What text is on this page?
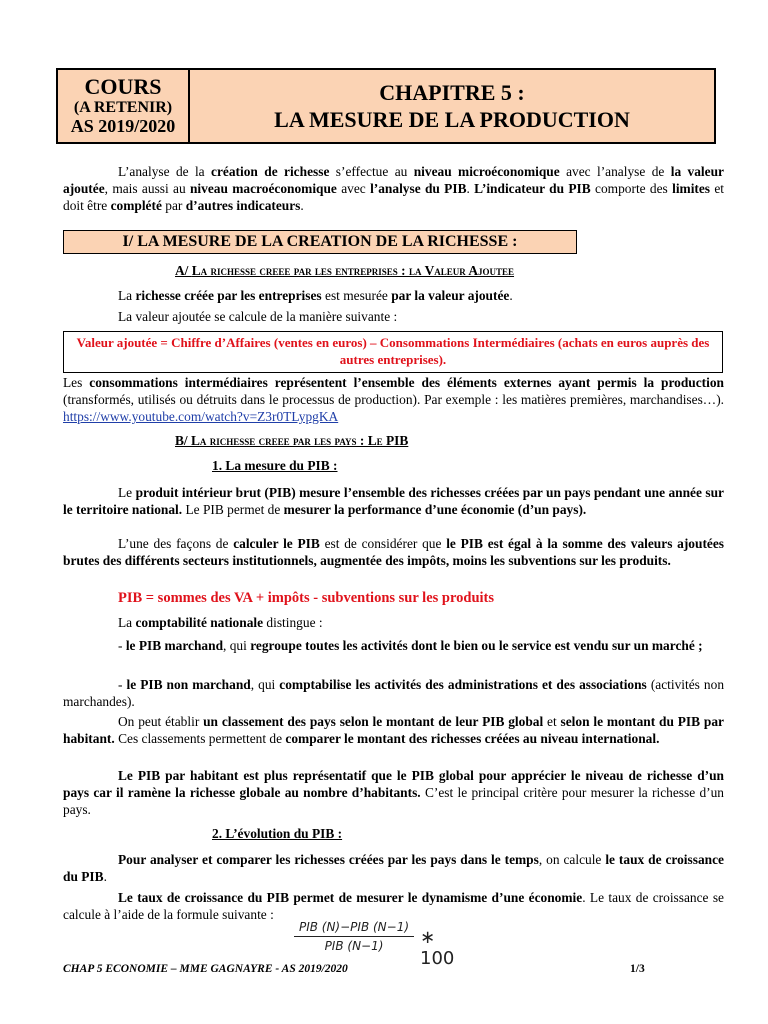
COURS
(A RETENIR)
AS 2019/2020
CHAPITRE 5 :
LA MESURE DE LA PRODUCTION
L’analyse de la création de richesse s’effectue au niveau microéconomique avec l’analyse de la valeur ajoutée, mais aussi au niveau macroéconomique avec l’analyse du PIB. L’indicateur du PIB comporte des limites et doit être complété par d’autres indicateurs.
I/ LA MESURE DE LA CREATION DE LA RICHESSE :
A/ La richesse creee par les entreprises : la Valeur Ajoutee
La richesse créée par les entreprises est mesurée par la valeur ajoutée.
La valeur ajoutée se calcule de la manière suivante :
Valeur ajoutée = Chiffre d’Affaires (ventes en euros) – Consommations Intermédiaires (achats en euros auprès des autres entreprises).
Les consommations intermédiaires représentent l’ensemble des éléments externes ayant permis la production (transformés, utilisés ou détruits dans le processus de production). Par exemple : les matières premières, marchandises…). https://www.youtube.com/watch?v=Z3r0TLypgKA
B/ La richesse creee par les pays : Le PIB
1. La mesure du PIB :
Le produit intérieur brut (PIB) mesure l’ensemble des richesses créées par un pays pendant une année sur le territoire national. Le PIB permet de mesurer la performance d’une économie (d’un pays).
L’une des façons de calculer le PIB est de considérer que le PIB est égal à la somme des valeurs ajoutées brutes des différents secteurs institutionnels, augmentée des impôts, moins les subventions sur les produits.
PIB = sommes des VA + impôts - subventions sur les produits
La comptabilité nationale distingue :
- le PIB marchand, qui regroupe toutes les activités dont le bien ou le service est vendu sur un marché ;
- le PIB non marchand, qui comptabilise les activités des administrations et des associations (activités non marchandes).
On peut établir un classement des pays selon le montant de leur PIB global et selon le montant du PIB par habitant. Ces classements permettent de comparer le montant des richesses créées au niveau international.
Le PIB par habitant est plus représentatif que le PIB global pour apprécier le niveau de richesse d’un pays car il ramène la richesse globale au nombre d’habitants. C’est le principal critère pour mesurer la richesse d’un pays.
2. L’évolution du PIB :
Pour analyser et comparer les richesses créées par les pays dans le temps, on calcule le taux de croissance du PIB.
Le taux de croissance du PIB permet de mesurer le dynamisme d’une économie. Le taux de croissance se calcule à l’aide de la formule suivante :
PIB (N)−PIB (N−1)
PIB (N−1)	∗ 100
CHAP 5 ECONOMIE – MME GAGNAYRE - AS 2019/2020	1/3
